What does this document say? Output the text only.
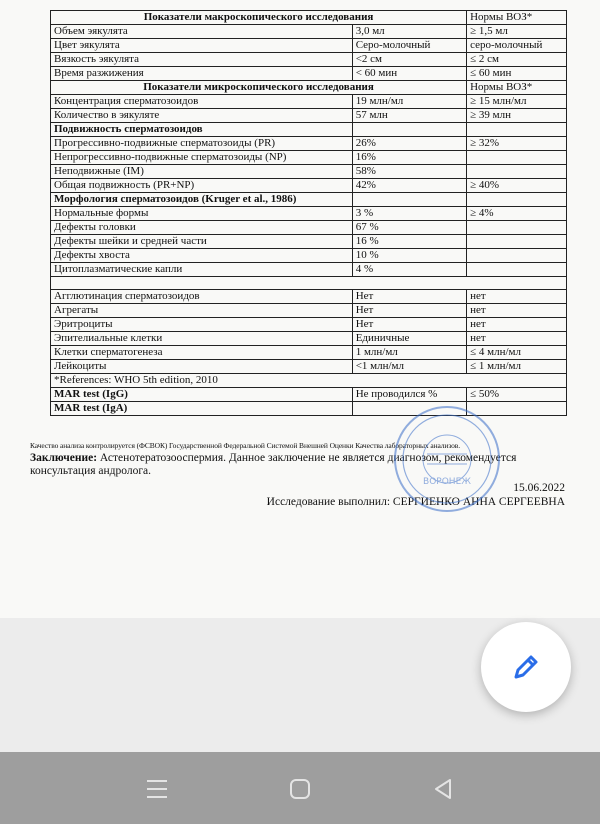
Показатели макроскопического исследования		Нормы ВОЗ*
Объем эякулята	3,0 мл	≥ 1,5 мл
Цвет эякулята	Серо-молочный	серо-молочный
Вязкость эякулята	<2 см	≤ 2 см
Время разжижения	< 60 мин	≤ 60 мин
Показатели микроскопического исследования		Нормы ВОЗ*
Концентрация сперматозоидов	19 млн/мл	≥ 15 млн/мл
Количество в эякуляте	57 млн	≥ 39 млн
Подвижность сперматозоидов		
Прогрессивно-подвижные сперматозоиды (PR)	26%	≥ 32%
Непрогрессивно-подвижные сперматозоиды (NP)	16%	
Неподвижные (IM)	58%	
Общая подвижность (PR+NP)	42%	≥ 40%
Морфология сперматозоидов (Kruger et al., 1986)		
Нормальные формы	3 %	≥ 4%
Дефекты головки	67 %	
Дефекты шейки и средней части	16 %	
Дефекты хвоста	10 %	
Цитоплазматические капли	4 %	

Агглютинация сперматозоидов	Нет	нет
Агрегаты	Нет	нет
Эритроциты	Нет	нет
Эпителиальные клетки	Единичные	нет
Клетки сперматогенеза	1 млн/мл	≤ 4 млн/мл
Лейкоциты	<1 млн/мл	≤ 1 млн/мл
*References: WHO 5th edition, 2010		
MAR test (IgG)	Не проводился %	≤ 50%
MAR test (IgA)		
Качество анализа контролируется (ФСВОК) Государственной Федеральной Системой Внешней Оценки Качества лабораторных анализов.
Заключение: Астенотератозооспермия. Данное заключение не является диагнозом, рекомендуется консультация андролога.
15.06.2022
Исследование выполнил: СЕРГИЕНКО АННА СЕРГЕЕВНА
ВОРОНЕЖ
